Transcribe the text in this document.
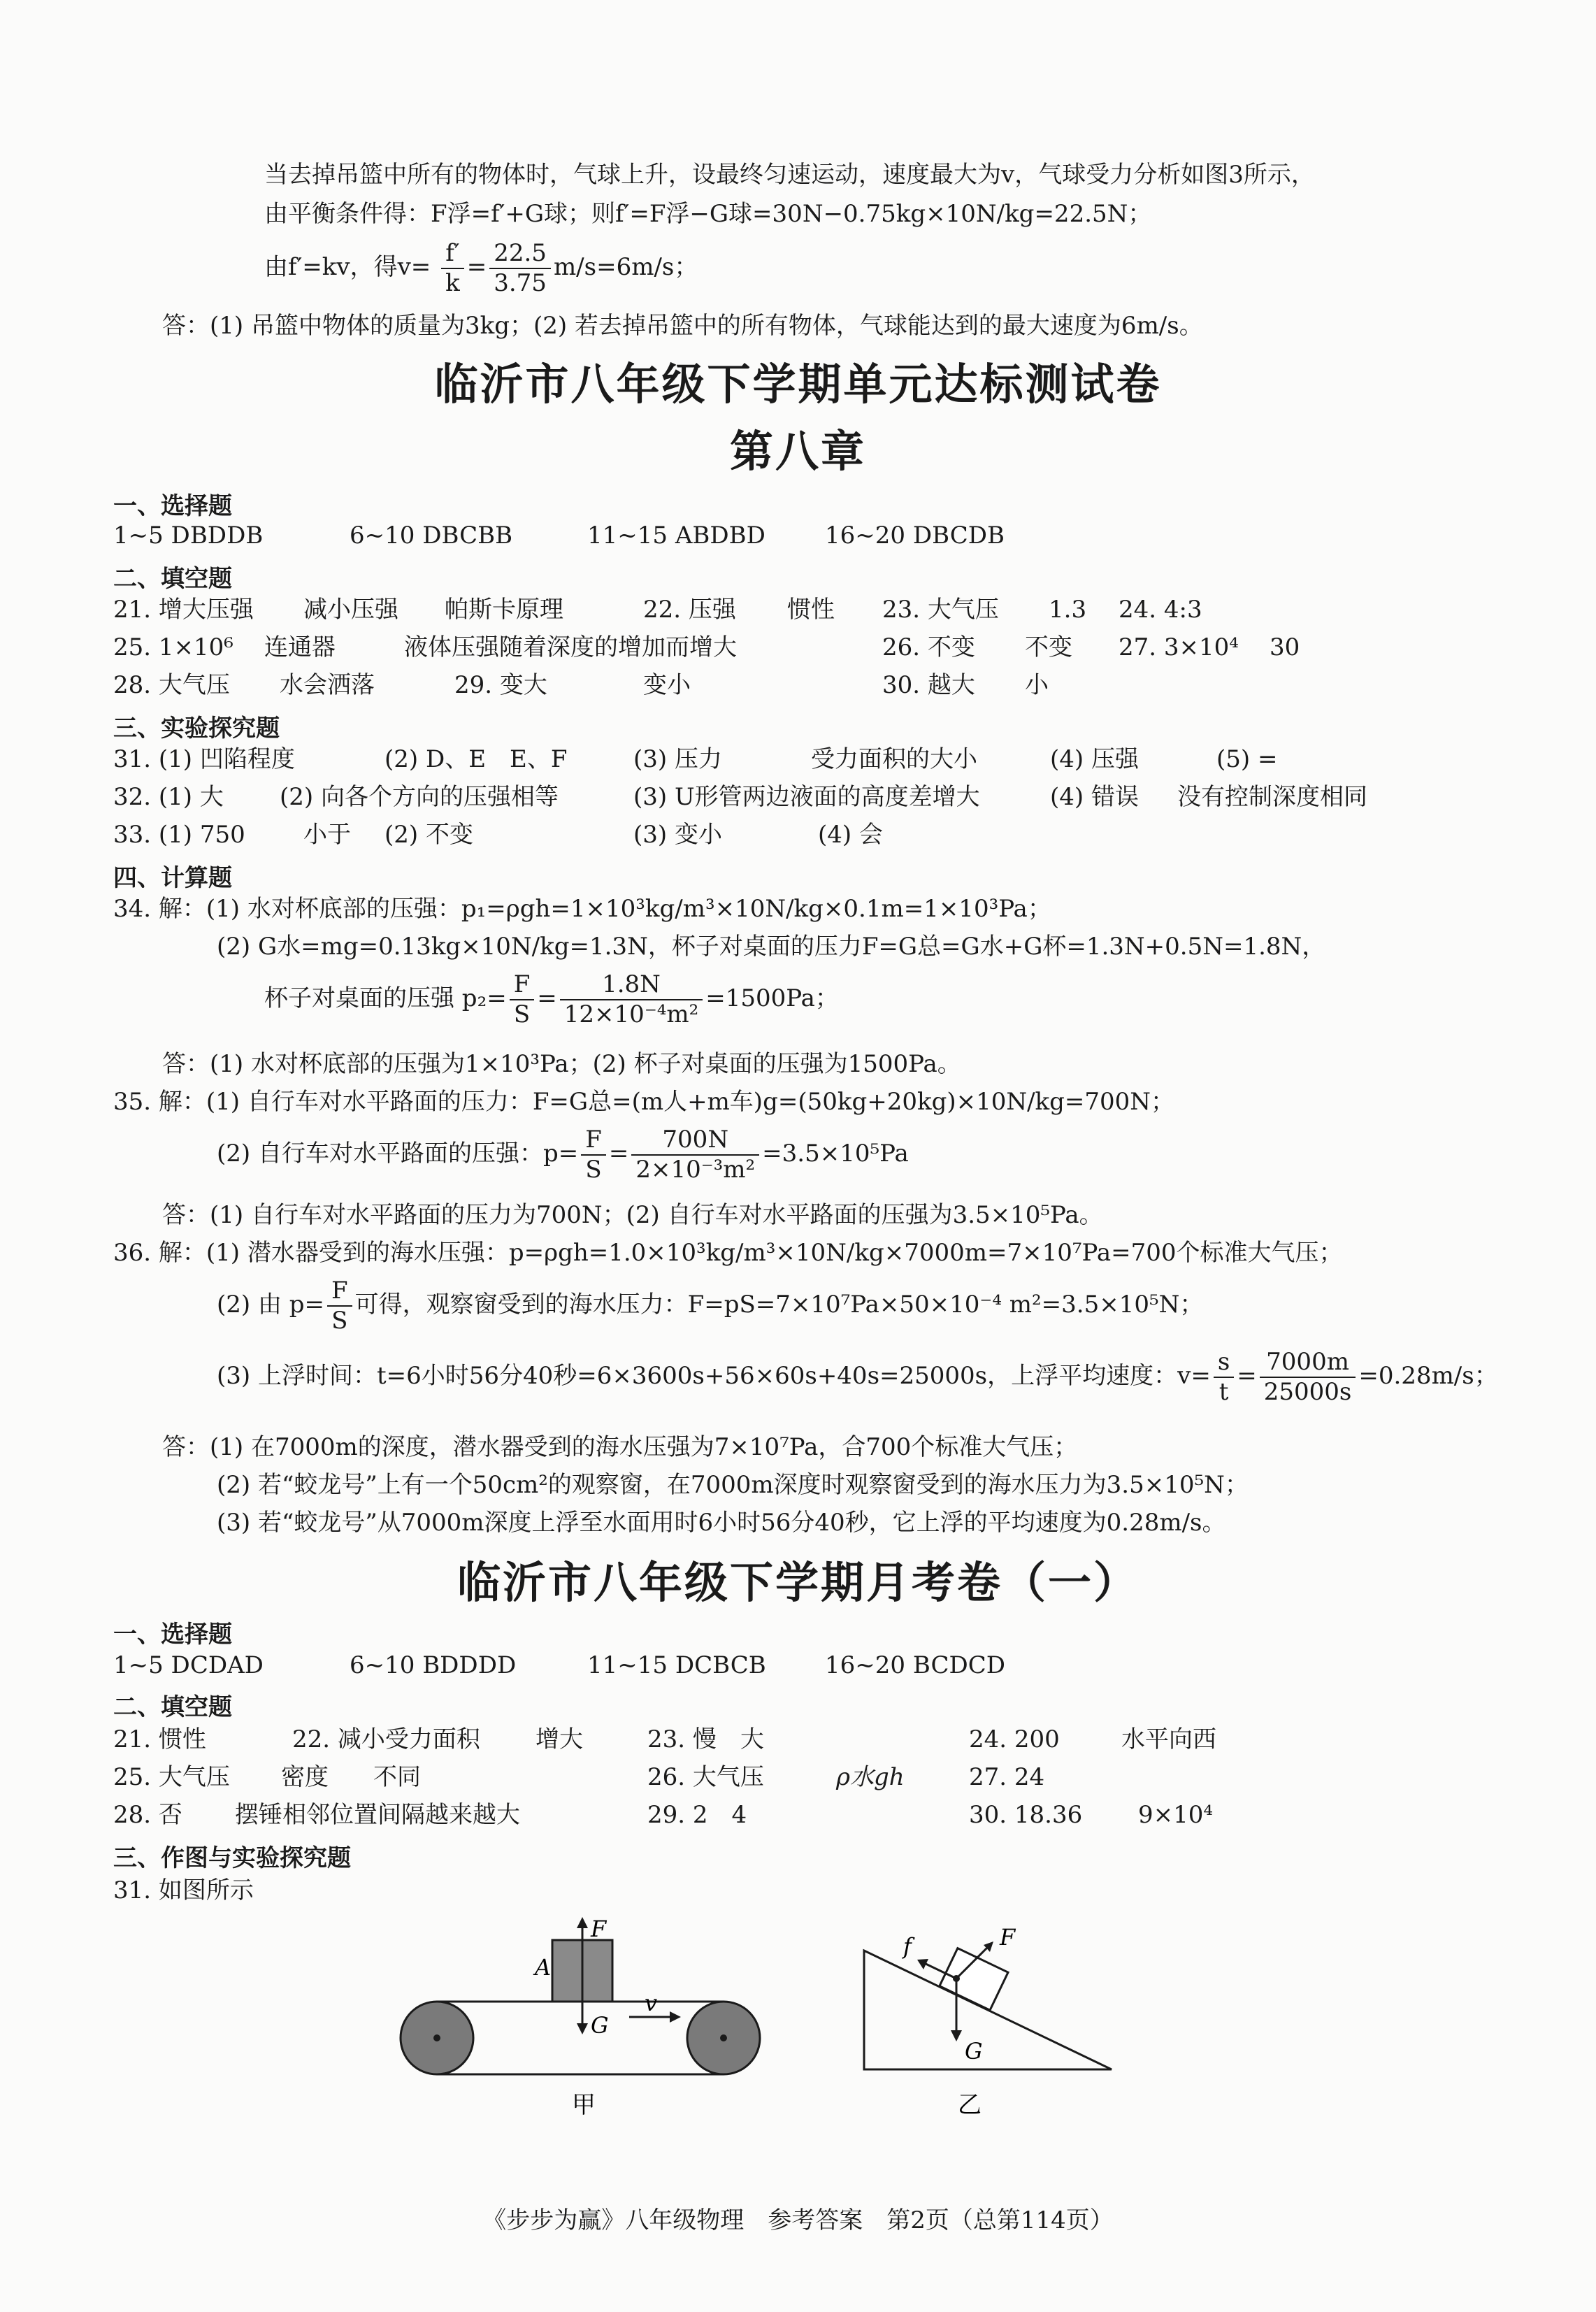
当去掉吊篮中所有的物体时，气球上升，设最终匀速运动，速度最大为v，气球受力分析如图3所示，
由平衡条件得：F浮=f′+G球；则f′=F浮−G球=30N−0.75kg×10N/kg=22.5N；
由f′=kv，得$v= \frac{f'}{k} = \frac{22.5}{3.75} m/s=6m/s$；
答：(1) 吊篮中物体的质量为3kg；(2) 若去掉吊篮中的所有物体，气球能达到的最大速度为6m/s。
临沂市八年级下学期单元达标测试卷
第八章
一、选择题
1~5 DBDDB	6~10 DBCBB	11~15 ABDBD	16~20 DBCDB
二、填空题
21. 增大压强 减小压强 帕斯卡原理	22. 压强 惯性 23. 大气压 1.3 24. 4:3
25. 1×10⁶ 连通器	液体压强随着深度的增加而增大	26. 不变 不变 27. 3×10⁴ 30
28. 大气压 水会洒落	29. 变大	变小	30. 越大 小
三、实验探究题
31. (1) 凹陷程度	(2) D、E　E、F	(3) 压力	受力面积的大小	(4) 压强	(5) =
32. (1) 大 (2) 向各个方向的压强相等	(3) U形管两边液面的高度差增大	(4) 错误 没有控制深度相同
33. (1) 750 小于 (2) 不变	(3) 变小	(4) 会
四、计算题
34. 解：(1) 水对杯底部的压强：p₁=ρgh=1×10³kg/m³×10N/kg×0.1m=1×10³Pa；
(2) G水=mg=0.13kg×10N/kg=1.3N，杯子对桌面的压力F=G总=G水+G杯=1.3N+0.5N=1.8N，
杯子对桌面的压强 $p_2= \frac{F}{S} = \frac{1.8N}{\text{12×10⁻⁴m²}} =1500Pa$；
答：(1) 水对杯底部的压强为1×10³Pa；(2) 杯子对桌面的压强为1500Pa。
35. 解：(1) 自行车对水平路面的压力：F=G总=(m人+m车)g=(50kg+20kg)×10N/kg=700N；
(2) 自行车对水平路面的压强：$p= \frac{F}{S} = \frac{700N}{\text{2×10⁻³m²}} =3.5\times 10^5Pa$
答：(1) 自行车对水平路面的压力为700N；(2) 自行车对水平路面的压强为3.5×10⁵Pa。
36. 解：(1) 潜水器受到的海水压强：p=ρgh=1.0×10³kg/m³×10N/kg×7000m=7×10⁷Pa=700个标准大气压；
(2) 由 $p= \frac{F}{S}$ 可得，观察窗受到的海水压力：F=pS=7×10⁷Pa×50×10⁻⁴ m²=3.5×10⁵N；
(3) 上浮时间：t=6小时56分40秒=6×3600s+56×60s+40s=25000s，上浮平均速度：$v= \frac{s}{t} = \frac{7000m}{25000s} =0.28m/s$；
答：(1) 在7000m的深度，潜水器受到的海水压强为7×10⁷Pa，合700个标准大气压；
(2) 若“蛟龙号”上有一个50cm²的观察窗，在7000m深度时观察窗受到的海水压力为3.5×10⁵N；
(3) 若“蛟龙号”从7000m深度上浮至水面用时6小时56分40秒，它上浮的平均速度为0.28m/s。
临沂市八年级下学期月考卷（一）
一、选择题
1~5 DCDAD	6~10 BDDDD	11~15 DCBCB 16~20 BCDCD
二、填空题
21. 惯性	22. 减小受力面积 增大	23. 慢　大	24. 200	水平向西
25. 大气压 密度 不同	26. 大气压	ρ水gh	27. 24
28. 否 摆锤相邻位置间隔越来越大	29. 2　4	30. 18.36 9×10⁴
三、作图与实验探究题
31. 如图所示
A
F
G
v
甲
f	F
G
乙
《步步为赢》八年级物理　参考答案　第2页（总第114页）
